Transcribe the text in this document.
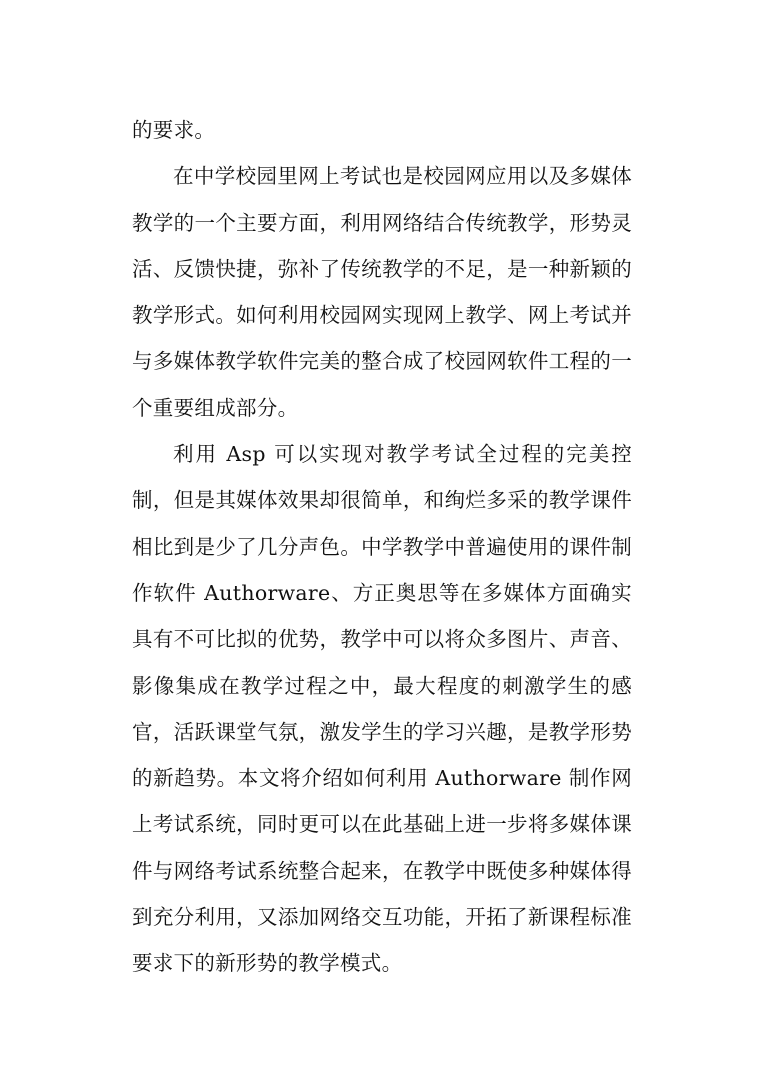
的要求。

在中学校园里网上考试也是校园网应用以及多媒体教学的一个主要方面，利用网络结合传统教学，形势灵活、反馈快捷，弥补了传统教学的不足，是一种新颖的教学形式。如何利用校园网实现网上教学、网上考试并与多媒体教学软件完美的整合成了校园网软件工程的一个重要组成部分。

利用 Asp 可以实现对教学考试全过程的完美控制，但是其媒体效果却很简单，和绚烂多采的教学课件相比到是少了几分声色。中学教学中普遍使用的课件制作软件 Authorware、方正奥思等在多媒体方面确实具有不可比拟的优势，教学中可以将众多图片、声音、影像集成在教学过程之中，最大程度的刺激学生的感官，活跃课堂气氛，激发学生的学习兴趣，是教学形势的新趋势。本文将介绍如何利用 Authorware 制作网上考试系统，同时更可以在此基础上进一步将多媒体课件与网络考试系统整合起来，在教学中既使多种媒体得到充分利用，又添加网络交互功能，开拓了新课程标准要求下的新形势的教学模式。
